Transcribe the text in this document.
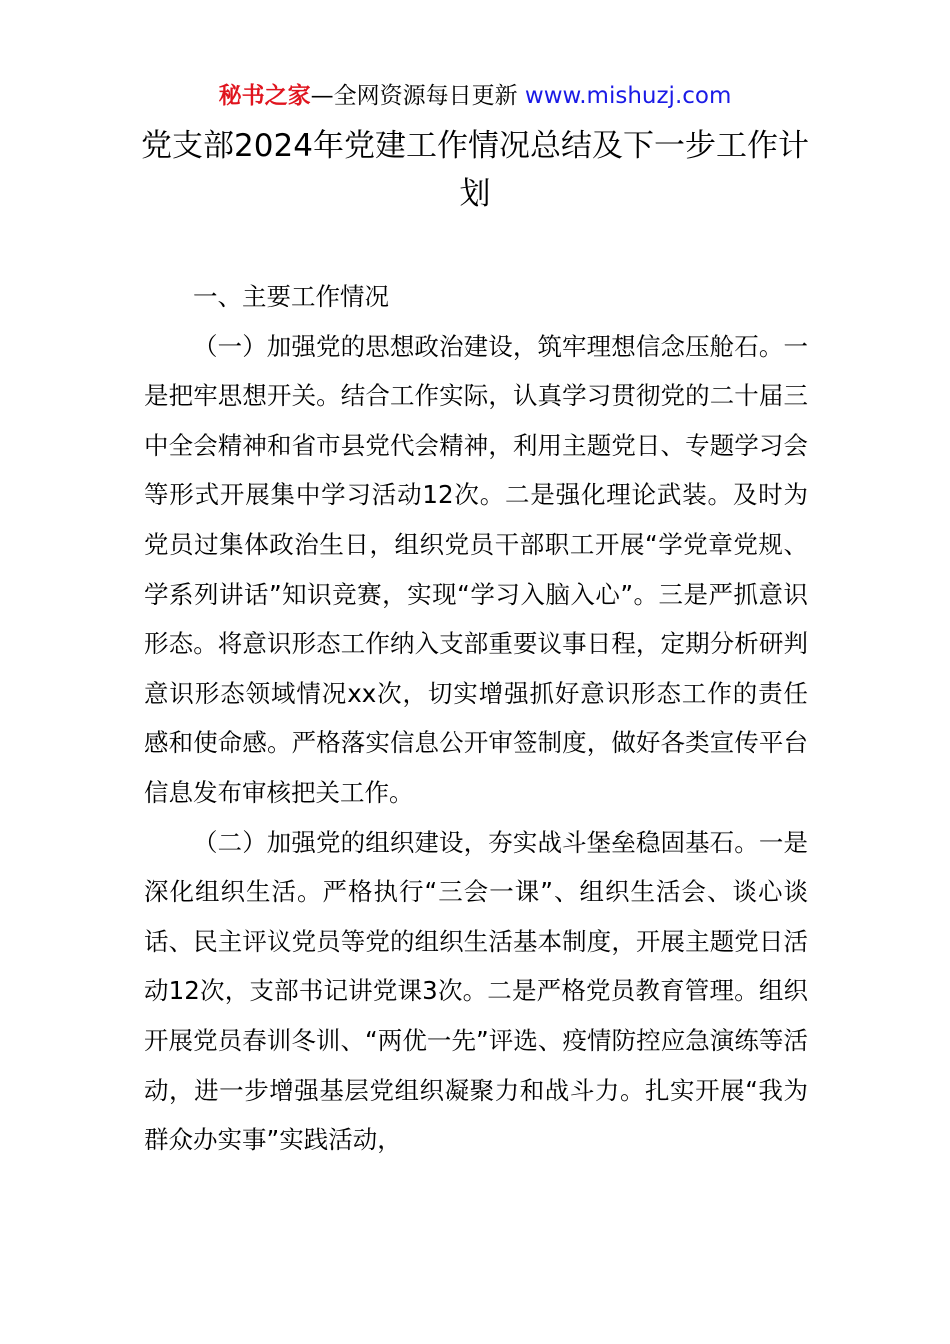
秘书之家—全网资源每日更新 www.mishuzj.com
党支部2024年党建工作情况总结及下一步工作计划

一、主要工作情况

（一）加强党的思想政治建设，筑牢理想信念压舱石。一是把牢思想开关。结合工作实际，认真学习贯彻党的二十届三中全会精神和省市县党代会精神，利用主题党日、专题学习会等形式开展集中学习活动12次。二是强化理论武装。及时为党员过集体政治生日，组织党员干部职工开展“学党章党规、学系列讲话”知识竞赛，实现“学习入脑入心”。三是严抓意识形态。将意识形态工作纳入支部重要议事日程，定期分析研判意识形态领域情况xx次，切实增强抓好意识形态工作的责任感和使命感。严格落实信息公开审签制度，做好各类宣传平台信息发布审核把关工作。

（二）加强党的组织建设，夯实战斗堡垒稳固基石。一是深化组织生活。严格执行“三会一课”、组织生活会、谈心谈话、民主评议党员等党的组织生活基本制度，开展主题党日活动12次，支部书记讲党课3次。二是严格党员教育管理。组织开展党员春训冬训、“两优一先”评选、疫情防控应急演练等活动，进一步增强基层党组织凝聚力和战斗力。扎实开展“我为群众办实事”实践活动，
